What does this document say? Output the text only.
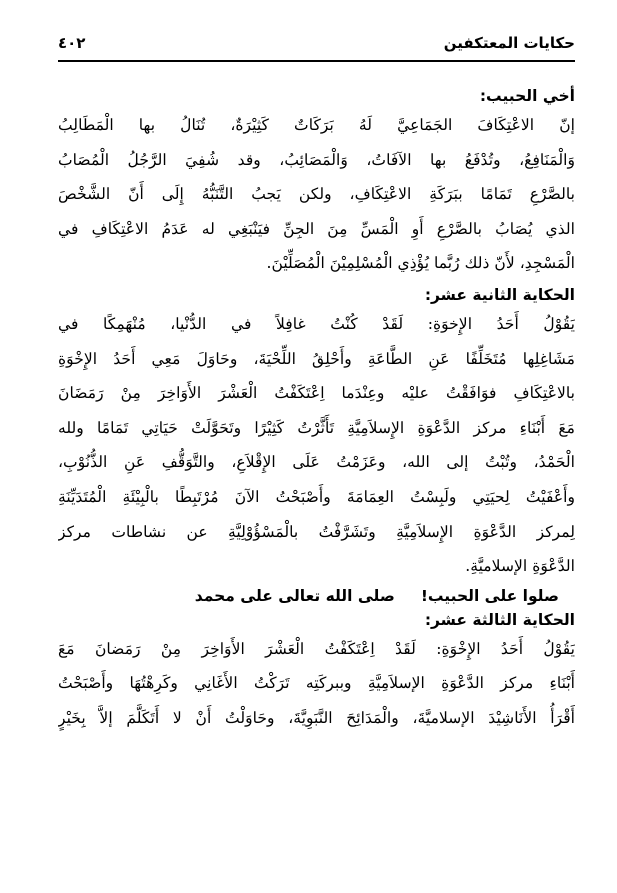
حكايات المعتكفين
٤٠٢
أخي الحبيب:
إنّ الاعْتِكَافَ الجَمَاعِيَّ لَهُ بَرَكَاتٌ كَثِيْرَةٌ، تُنَالُ بها الْمَطَالِبُ
وَالْمَنَافِعُ، وتُدْفَعُ بها الآفَاتُ، وَالْمَصَائِبُ، وقد شُفِيَ الرَّجُلُ الْمُصَابُ
بالصَّرْعِ تَمَامًا ببَرَكَةِ الاعْتِكَافِ، ولكن يَجبُ التَّنَبُّهُ إِلَى أَنّ الشَّخْصَ
الذي يُصَابُ بالصَّرْعِ أَوِ الْمَسِّ مِنَ الجِنِّ فيَنْبَغِي له عَدَمُ الاعْتِكَافِ في
الْمَسْجِدِ، لأَنّ ذلك رُبَّما يُؤْذِي الْمُسْلِمِيْنَ الْمُصَلِّيْنَ.
الحكاية الثانية عشر:
يَقُوْلُ أَحَدُ الإِخوَةِ: لَقَدْ كُنْتُ غافِلاً في الدُّنْيا، مُنْهَمِكًا في
مَشَاغِلِها مُتَخَلِّفًا عَنِ الطَّاعَةِ وأَحْلِقُ اللِّحْيَةَ، وحَاوَلَ مَعِي أَحَدُ الإِخْوَةِ
بالاعْتِكَافِ فوَافَقْتُ عليْه وعِنْدَما اِعْتَكَفْتُ الْعَشْرَ الأَوَاخِرَ مِنْ رَمَضَانَ
مَعَ أَبْنَاءِ مركز الدَّعْوَةِ الإِسلاَمِيَّةِ تَأَثَّرْتُ كَثِيْرًا وتَحَوَّلَتْ حَيَاتِي تَمَامًا ولله
الْحَمْدُ، وتُبْتُ إلى الله، وعَزَمْتُ عَلَى الإِقْلاَعِ، والتَّوَقُّفِ عَنِ الذُّنُوْبِ،
وأَعْفَيْتُ لِحيَتِي ولَبِسْتُ العِمَامَةَ وأَصْبَحْتُ الآنَ مُرْتَبِطًا بالْبِيْئَةِ الْمُتَدَيِّنَةِ
لِمركز الدَّعْوَةِ الإِسلاَمِيَّةِ وتَشَرَّفْتُ بالْمَسْؤُوْلِيَّةِ عن نشاطات مركز
الدَّعْوَةِ الإسلاميَّةِ.
صلوا على الحبيب!
صلى الله تعالى على محمد
الحكاية الثالثة عشر:
يَقُوْلُ أَحَدُ الإِخْوَةِ: لَقَدْ اِعْتَكَفْتُ الْعَشْرَ الأَوَاخِرَ مِنْ رَمَضانَ مَعَ
أَبْنَاءِ مركز الدَّعْوَةِ الإسلاَمِيَّةِ وببركَتِه تَرَكْتُ الأَغَانِي وكَرِهْتُهَا وأَصْبَحْتُ
أَقْرَأُ الأَنَاشِيْدَ الإسلاميَّةَ، والْمَدَائِحَ النَّبَوِيَّةَ، وحَاوَلْتُ أَنْ لا أَتَكَلَّمَ إلاَّ بِخَيْرٍ
